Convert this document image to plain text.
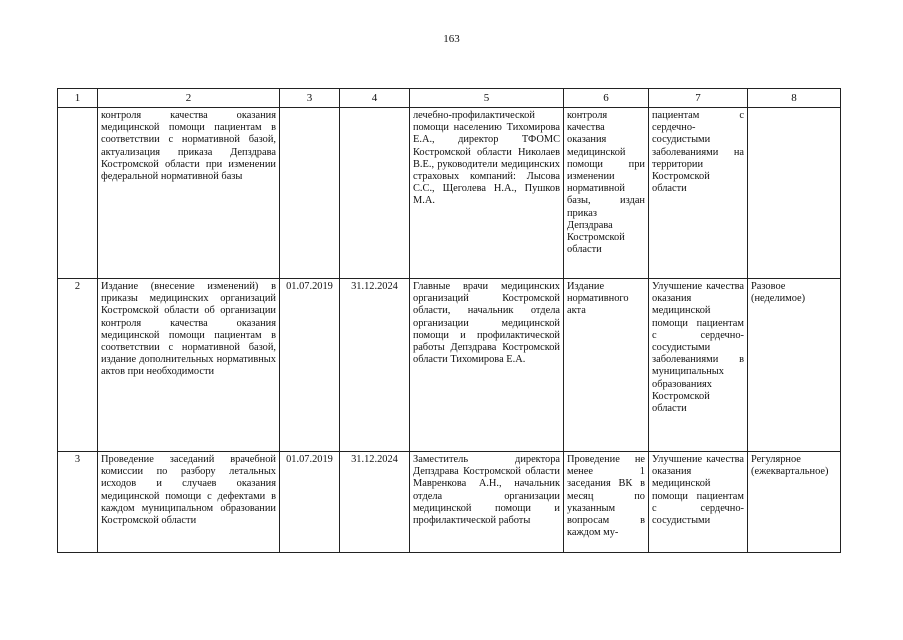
163
1	2	3	4	5	6	7	8
	контроля качества оказания медицинской помощи пациентам в соответствии с нормативной базой, актуализация приказа Депздрава Костромской области при изменении федеральной нормативной базы			лечебно-профилактической помощи населению Тихомирова Е.А., директор ТФОМС Костромской области Николаев В.Е., руководители медицинских страховых компаний: Лысова С.С., Щеголева Н.А., Пушков М.А.	контроля качества оказания медицинской помощи при изменении нормативной базы, издан приказ Депздрава Костромской области	пациентам с сердечно-сосудистыми заболеваниями на территории Костромской области	
2	Издание (внесение изменений) в приказы медицинских организаций Костромской области об организации контроля качества оказания медицинской помощи пациентам в соответствии с нормативной базой, издание дополнительных нормативных актов при необходимости	01.07.2019	31.12.2024	Главные врачи медицинских организаций Костромской области, начальник отдела организации медицинской помощи и профилактической работы Депздрава Костромской области Тихомирова Е.А.	Издание нормативного акта	Улучшение качества оказания медицинской помощи пациентам с сердечно-сосудистыми заболеваниями в муниципальных образованиях Костромской области	Разовое (неделимое)
3	Проведение заседаний врачебной комиссии по разбору летальных исходов и случаев оказания медицинской помощи с дефектами в каждом муниципальном образовании Костромской области	01.07.2019	31.12.2024	Заместитель директора Депздрава Костромской области Мавренкова А.Н., начальник отдела организации медицинской помощи и профилактической работы	Проведение не менее 1 заседания ВК в месяц по указанным вопросам в каждом му-	Улучшение качества оказания медицинской помощи пациентам с сердечно-сосудистыми	Регулярное (ежеквартальное)
